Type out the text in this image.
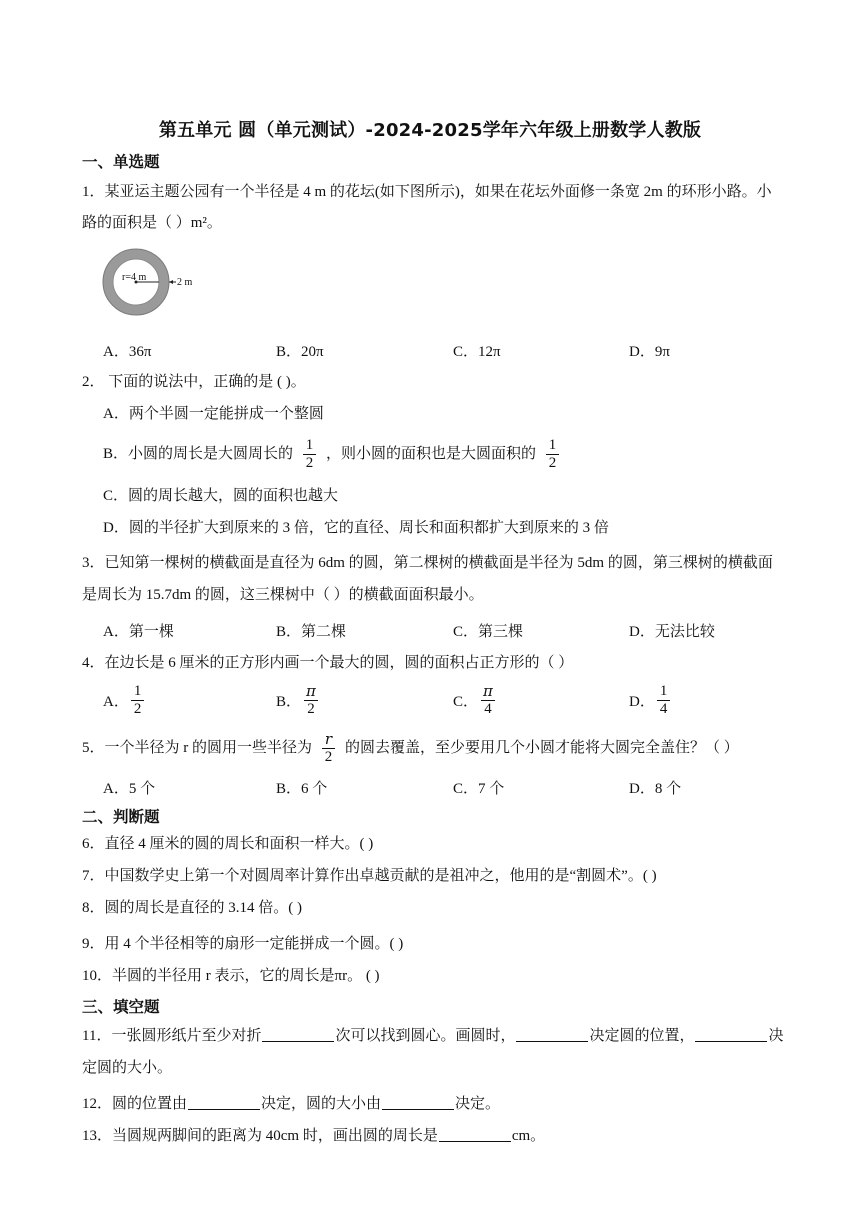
第五单元 圆（单元测试）-2024-2025学年六年级上册数学人教版
一、单选题
1．某亚运主题公园有一个半径是 4 m 的花坛(如下图所示)，如果在花坛外面修一条宽 2m 的环形小路。小
路的面积是（ ）m²。
r=4 m	2 m
A．36π	B．20π	C．12π	D．9π
2． 下面的说法中，正确的是 ( )。
A．两个半圆一定能拼成一个整圆
B．小圆的周长是大圆周长的 $\frac{1}{2}$ ，则小圆的面积也是大圆面积的 $\frac{1}{2}$
C．圆的周长越大，圆的面积也越大
D．圆的半径扩大到原来的 3 倍，它的直径、周长和面积都扩大到原来的 3 倍
3．已知第一棵树的横截面是直径为 6dm 的圆，第二棵树的横截面是半径为 5dm 的圆，第三棵树的横截面
是周长为 15.7dm 的圆，这三棵树中（ ）的横截面面积最小。
A．第一棵	B．第二棵	C．第三棵	D．无法比较
4．在边长是 6 厘米的正方形内画一个最大的圆，圆的面积占正方形的（ ）
A． $\frac{1}{2}$	B． $\frac{\pi}{2}$	C． $\frac{\pi}{4}$	D． $\frac{1}{4}$
5．一个半径为 r 的圆用一些半径为 $\frac{r}{2}$ 的圆去覆盖，至少要用几个小圆才能将大圆完全盖住？（ ）
A．5 个	B．6 个	C．7 个	D．8 个
二、判断题
6．直径 4 厘米的圆的周长和面积一样大。( )
7．中国数学史上第一个对圆周率计算作出卓越贡献的是祖冲之，他用的是“割圆术”。( )
8．圆的周长是直径的 3.14 倍。( )
9．用 4 个半径相等的扇形一定能拼成一个圆。( )
10．半圆的半径用 r 表示，它的周长是πr。 ( )
三、填空题
11．一张圆形纸片至少对折	次可以找到圆心。画圆时，	决定圆的位置，	决
定圆的大小。
12．圆的位置由	决定，圆的大小由	决定。
13．当圆规两脚间的距离为 40cm 时，画出圆的周长是	cm。
